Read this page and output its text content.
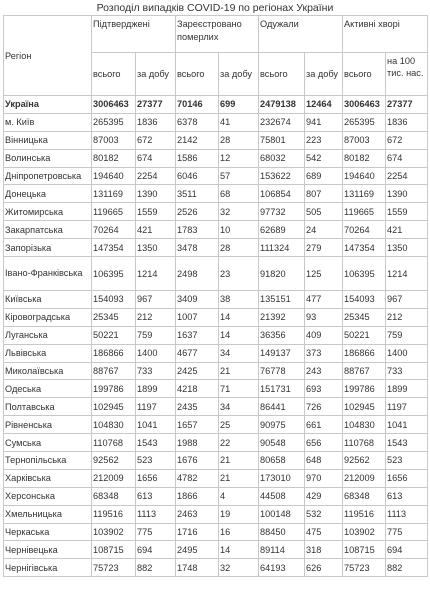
Розподіл випадків COVID-19 по регіонах України
Регіон	Підтверджені		Зареєстровано померлих		Одужали		Активні хворі	
	всього	за добу	всього	за добу	всього	за добу	всього	на 100 тис. нас.
Україна	3006463	27377	70146	699	2479138	12464	3006463	27377
м. Київ	265395	1836	6378	41	232674	941	265395	1836
Вінницька	87003	672	2142	28	75801	223	87003	672
Волинська	80182	674	1586	12	68032	542	80182	674
Дніпропетровська	194640	2254	6046	57	153622	689	194640	2254
Донецька	131169	1390	3511	68	106854	807	131169	1390
Житомирська	119665	1559	2526	32	97732	505	119665	1559
Закарпатська	70264	421	1783	10	62689	24	70264	421
Запорізька	147354	1350	3478	28	111324	279	147354	1350
Івано-Франківська	106395	1214	2498	23	91820	125	106395	1214
Київська	154093	967	3409	38	135151	477	154093	967
Кіровоградська	25345	212	1007	14	21392	93	25345	212
Луганська	50221	759	1637	14	36356	409	50221	759
Львівська	186866	1400	4677	34	149137	373	186866	1400
Миколаївська	88767	733	2425	21	76778	243	88767	733
Одеська	199786	1899	4218	71	151731	693	199786	1899
Полтавська	102945	1197	2435	34	86441	726	102945	1197
Рівненська	104830	1041	1657	25	90975	661	104830	1041
Сумська	110768	1543	1988	22	90548	656	110768	1543
Тернопільська	92562	523	1676	21	80658	648	92562	523
Харківська	212009	1656	4782	21	173010	970	212009	1656
Херсонська	68348	613	1866	4	44508	429	68348	613
Хмельницька	119516	1113	2463	19	100148	532	119516	1113
Черкаська	103902	775	1716	16	88450	475	103902	775
Чернівецька	108715	694	2495	14	89114	318	108715	694
Чернігівська	75723	882	1748	32	64193	626	75723	882
